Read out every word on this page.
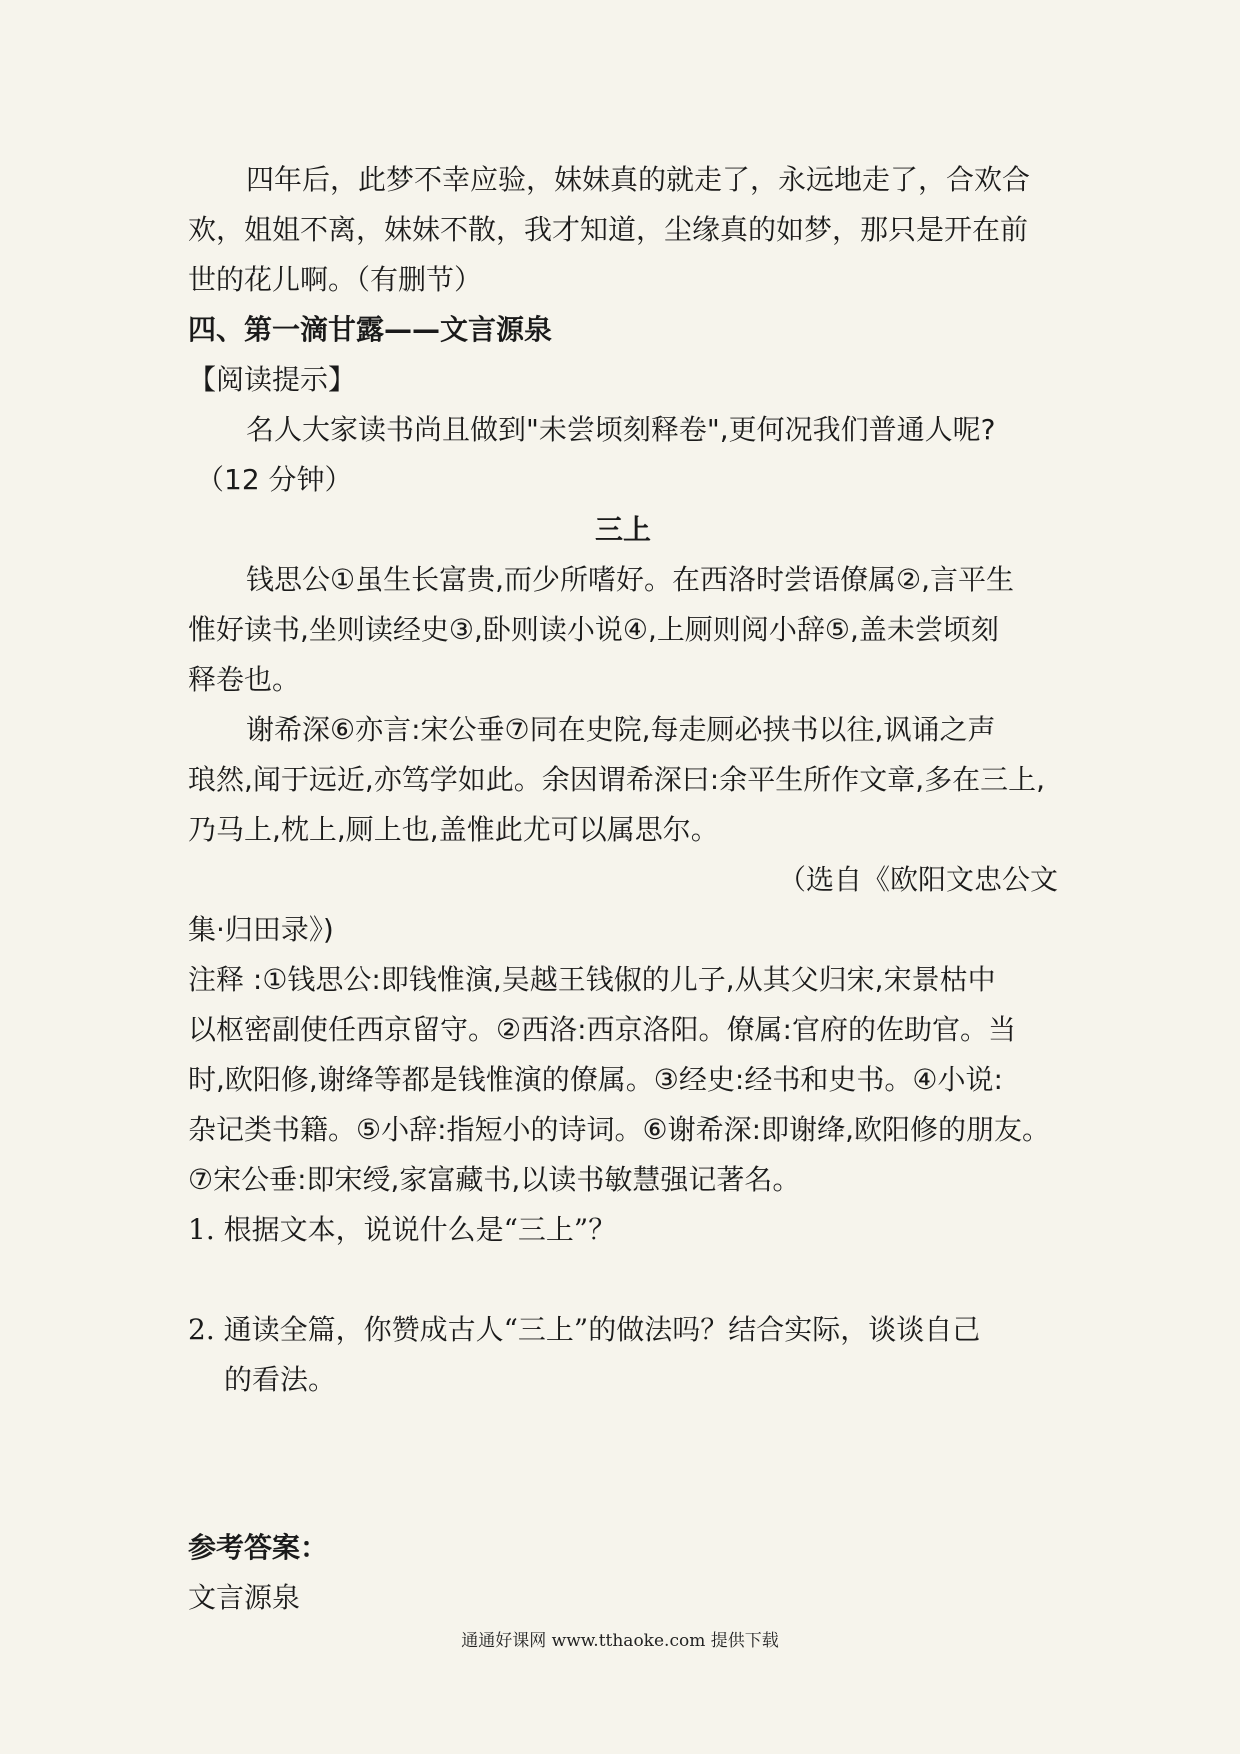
四年后，此梦不幸应验，妹妹真的就走了，永远地走了，合欢合
欢，姐姐不离，妹妹不散，我才知道，尘缘真的如梦，那只是开在前
世的花儿啊。（有删节）
四、第一滴甘露——文言源泉
【阅读提示】
名人大家读书尚且做到"未尝顷刻释卷",更何况我们普通人呢?
（12 分钟）
三上
钱思公①虽生长富贵,而少所嗜好。在西洛时尝语僚属②,言平生
惟好读书,坐则读经史③,卧则读小说④,上厕则阅小辞⑤,盖未尝顷刻
释卷也。
谢希深⑥亦言:宋公垂⑦同在史院,每走厕必挟书以往,讽诵之声
琅然,闻于远近,亦笃学如此。余因谓希深曰:余平生所作文章,多在三上,
乃马上,枕上,厕上也,盖惟此尤可以属思尔。
（选自《欧阳文忠公文
集·归田录》)
注释 :①钱思公:即钱惟演,吴越王钱俶的儿子,从其父归宋,宋景枯中
以枢密副使任西京留守。②西洛:西京洛阳。僚属:官府的佐助官。当
时,欧阳修,谢绛等都是钱惟演的僚属。③经史:经书和史书。④小说:
杂记类书籍。⑤小辞:指短小的诗词。⑥谢希深:即谢绛,欧阳修的朋友。
⑦宋公垂:即宋绶,家富藏书,以读书敏慧强记著名。
1. 根据文本，说说什么是“三上”？
2. 通读全篇，你赞成古人“三上”的做法吗？结合实际，谈谈自己
的看法。
参考答案：
文言源泉
通通好课网 www.tthaoke.com 提供下载
